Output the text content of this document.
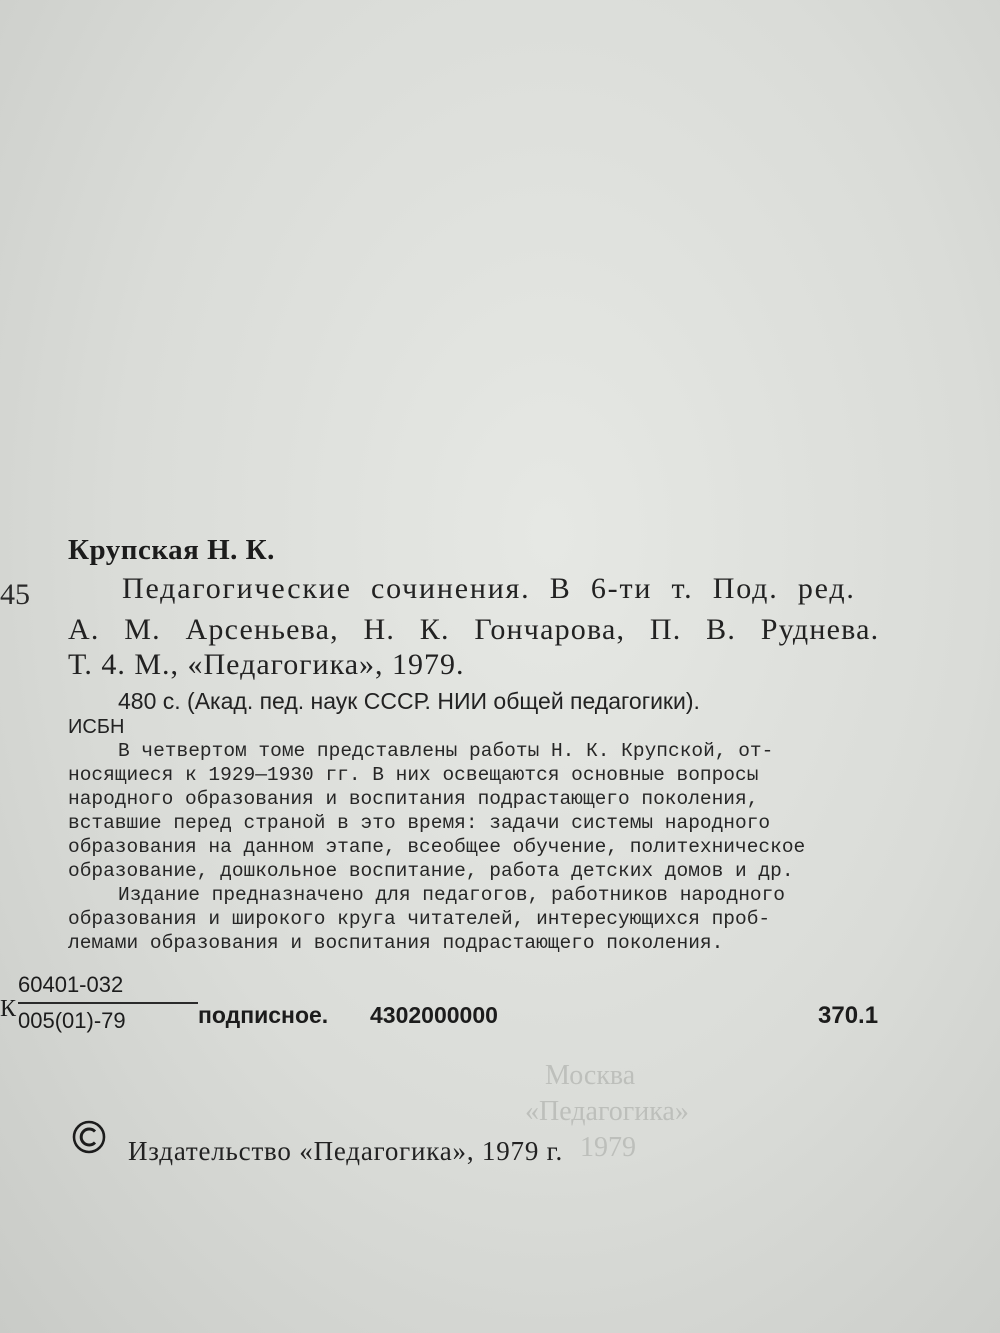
Москва
«Педагогика»
1979
45
Крупская Н. К.
Педагогические сочинения. В 6-ти т. Под. ред.
А. М. Арсеньева, Н. К. Гончарова, П. В. Руднева.
Т. 4. М., «Педагогика», 1979.
480 с. (Акад. пед. наук СССР. НИИ общей педагогики).
ИСБН
В четвертом томе представлены работы Н. К. Крупской, от-
носящиеся к 1929—1930 гг. В них освещаются основные вопросы
народного образования и воспитания подрастающего поколения,
вставшие перед страной в это время: задачи системы народного
образования на данном этапе, всеобщее обучение, политехническое
образование, дошкольное воспитание, работа детских домов и др.
Издание предназначено для педагогов, работников народного
образования и широкого круга читателей, интересующихся проб-
лемами образования и воспитания подрастающего поколения.
К
60401-032
005(01)-79	подписное. 4302000000	370.1
Издательство «Педагогика», 1979 г.
